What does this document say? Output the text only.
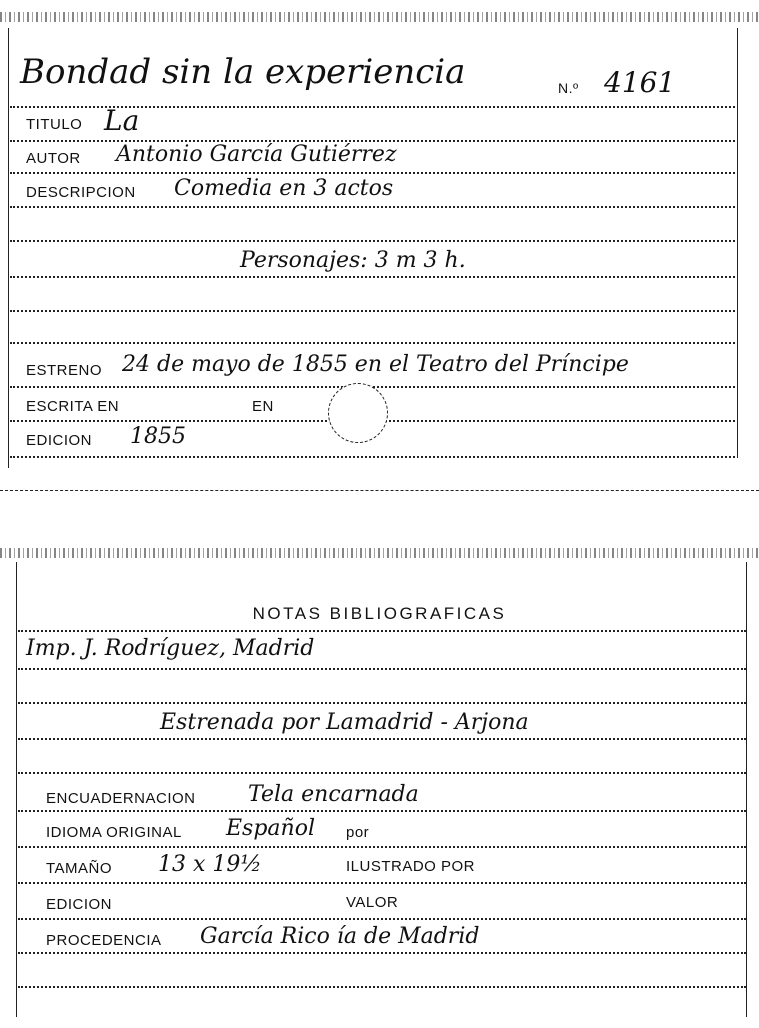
Bondad sin la experiencia	N.º 4161
TITULO La
AUTOR Antonio García Gutiérrez
DESCRIPCION Comedia en 3 actos
Personajes: 3 m 3 h.
ESTRENO 24 de mayo de 1855 en el Teatro del Príncipe
ESCRITA EN	EN
EDICION 1855
NOTAS BIBLIOGRAFICAS
Imp. J. Rodríguez, Madrid
Estrenada por Lamadrid - Arjona
ENCUADERNACION Tela encarnada
IDIOMA ORIGINAL Español por
TAMAÑO 13 x 19½	ILUSTRADO POR
EDICION	VALOR
PROCEDENCIA García Rico ía de Madrid
